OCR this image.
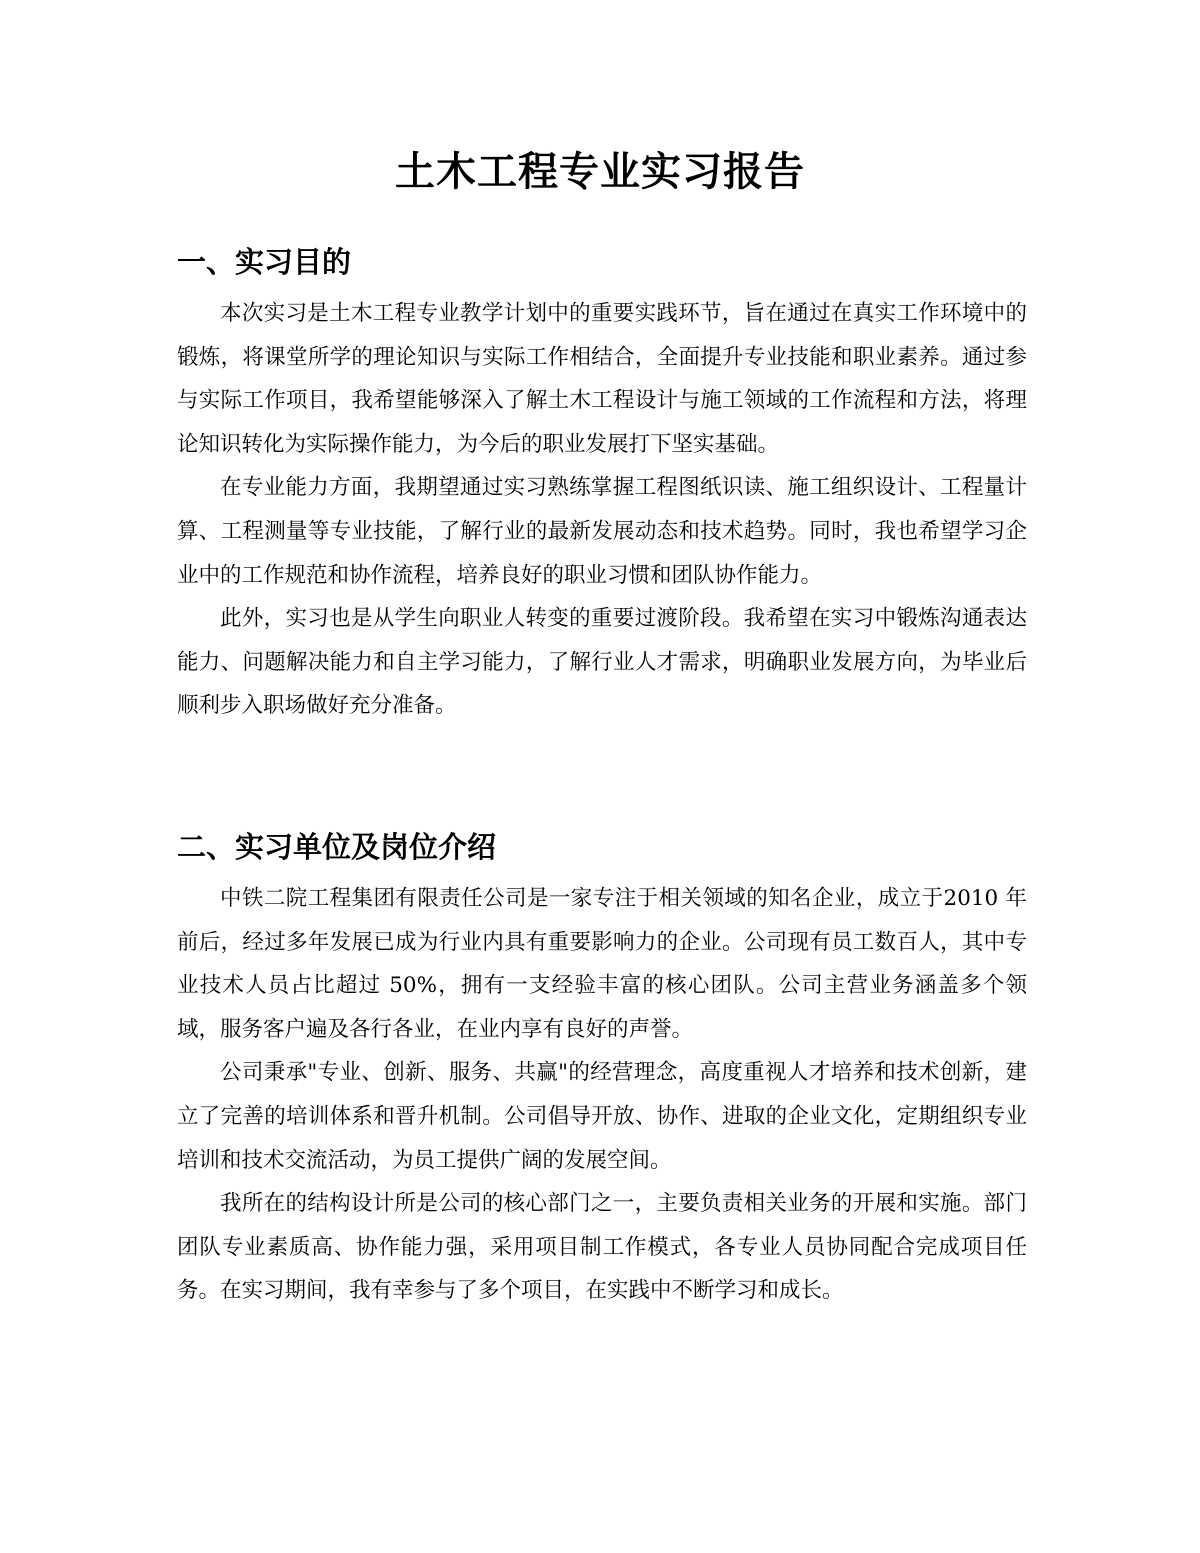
土木工程专业实习报告
一、实习目的

本次实习是土木工程专业教学计划中的重要实践环节，旨在通过在真实工作环境中的锻炼，将课堂所学的理论知识与实际工作相结合，全面提升专业技能和职业素养。通过参与实际工作项目，我希望能够深入了解土木工程设计与施工领域的工作流程和方法，将理论知识转化为实际操作能力，为今后的职业发展打下坚实基础。

在专业能力方面，我期望通过实习熟练掌握工程图纸识读、施工组织设计、工程量计算、工程测量等专业技能，了解行业的最新发展动态和技术趋势。同时，我也希望学习企业中的工作规范和协作流程，培养良好的职业习惯和团队协作能力。

此外，实习也是从学生向职业人转变的重要过渡阶段。我希望在实习中锻炼沟通表达能力、问题解决能力和自主学习能力，了解行业人才需求，明确职业发展方向，为毕业后顺利步入职场做好充分准备。

二、实习单位及岗位介绍

中铁二院工程集团有限责任公司是一家专注于相关领域的知名企业，成立于2010 年前后，经过多年发展已成为行业内具有重要影响力的企业。公司现有员工数百人，其中专业技术人员占比超过 50%，拥有一支经验丰富的核心团队。公司主营业务涵盖多个领域，服务客户遍及各行各业，在业内享有良好的声誉。

公司秉承"专业、创新、服务、共赢"的经营理念，高度重视人才培养和技术创新，建立了完善的培训体系和晋升机制。公司倡导开放、协作、进取的企业文化，定期组织专业培训和技术交流活动，为员工提供广阔的发展空间。

我所在的结构设计所是公司的核心部门之一，主要负责相关业务的开展和实施。部门团队专业素质高、协作能力强，采用项目制工作模式，各专业人员协同配合完成项目任务。在实习期间，我有幸参与了多个项目，在实践中不断学习和成长。
